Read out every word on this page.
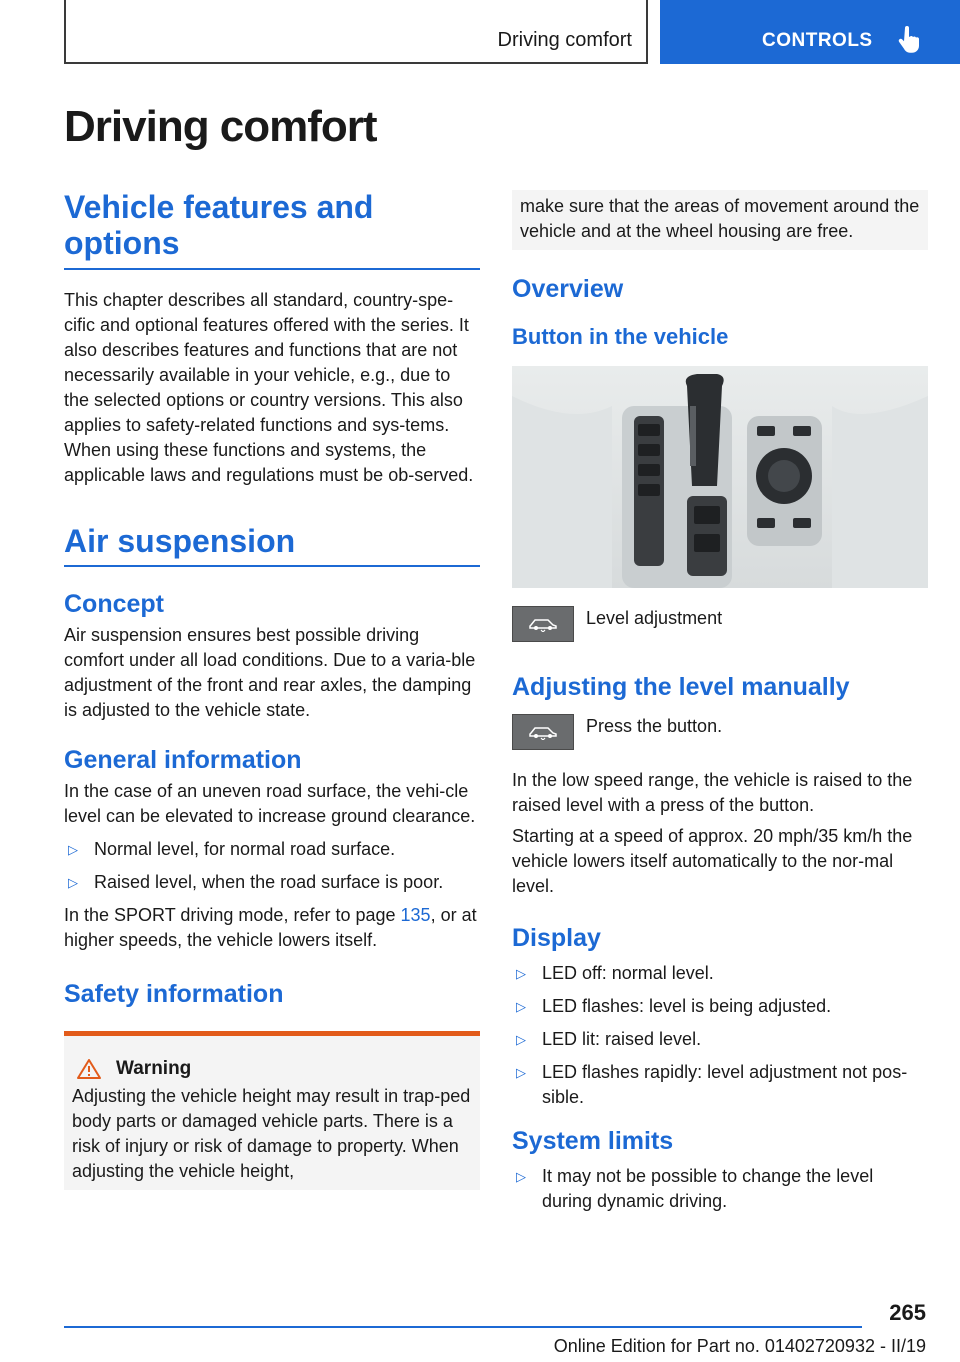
Driving comfort	CONTROLS
Driving comfort
Vehicle features and options

This chapter describes all standard, country-spe-cific and optional features offered with the series. It also describes features and functions that are not necessarily available in your vehicle, e.g., due to the selected options or country versions. This also applies to safety-related functions and sys-tems. When using these functions and systems, the applicable laws and regulations must be ob-served.

Air suspension
Concept

Air suspension ensures best possible driving comfort under all load conditions. Due to a varia-ble adjustment of the front and rear axles, the damping is adjusted to the vehicle state.

General information

In the case of an uneven road surface, the vehi-cle level can be elevated to increase ground clearance.

▷ Normal level, for normal road surface.
▷ Raised level, when the road surface is poor.

In the SPORT driving mode, refer to page 135, or at higher speeds, the vehicle lowers itself.

Safety information
Warning

Adjusting the vehicle height may result in trap-ped body parts or damaged vehicle parts. There is a risk of injury or risk of damage to property. When adjusting the vehicle height,

make sure that the areas of movement around the vehicle and at the wheel housing are free.

Overview
Button in the vehicle

Level adjustment

Adjusting the level manually

Press the button.

In the low speed range, the vehicle is raised to the raised level with a press of the button.

Starting at a speed of approx. 20 mph/35 km/h the vehicle lowers itself automatically to the nor-mal level.

Display
▷ LED off: normal level.
▷ LED flashes: level is being adjusted.
▷ LED lit: raised level.
▷ LED flashes rapidly: level adjustment not pos-sible.
System limits
▷ It may not be possible to change the level during dynamic driving.
265
Online Edition for Part no. 01402720932 - II/19
